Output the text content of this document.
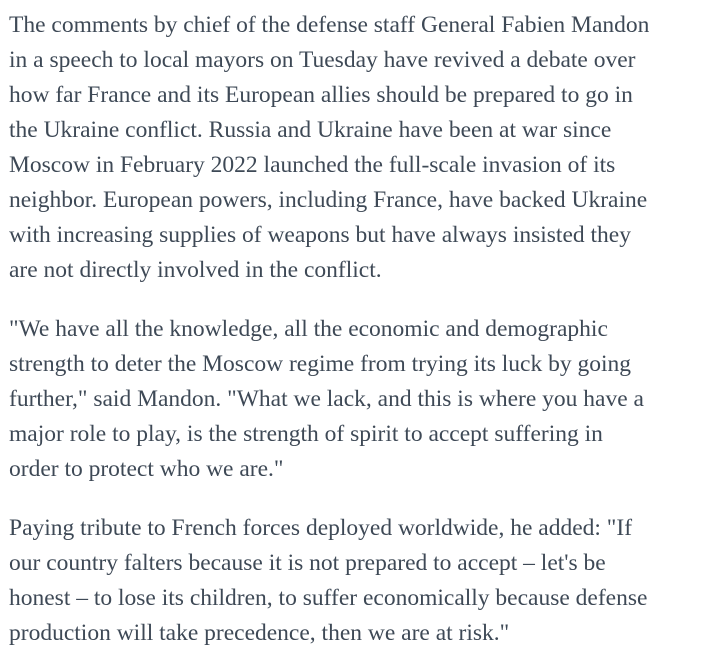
The comments by chief of the defense staff General Fabien Mandon
in a speech to local mayors on Tuesday have revived a debate over
how far France and its European allies should be prepared to go in
the Ukraine conflict. Russia and Ukraine have been at war since
Moscow in February 2022 launched the full-scale invasion of its
neighbor. European powers, including France, have backed Ukraine
with increasing supplies of weapons but have always insisted they
are not directly involved in the conflict.

"We have all the knowledge, all the economic and demographic
strength to deter the Moscow regime from trying its luck by going
further," said Mandon. "What we lack, and this is where you have a
major role to play, is the strength of spirit to accept suffering in
order to protect who we are."

Paying tribute to French forces deployed worldwide, he added: "If
our country falters because it is not prepared to accept – let's be
honest – to lose its children, to suffer economically because defense
production will take precedence, then we are at risk."
